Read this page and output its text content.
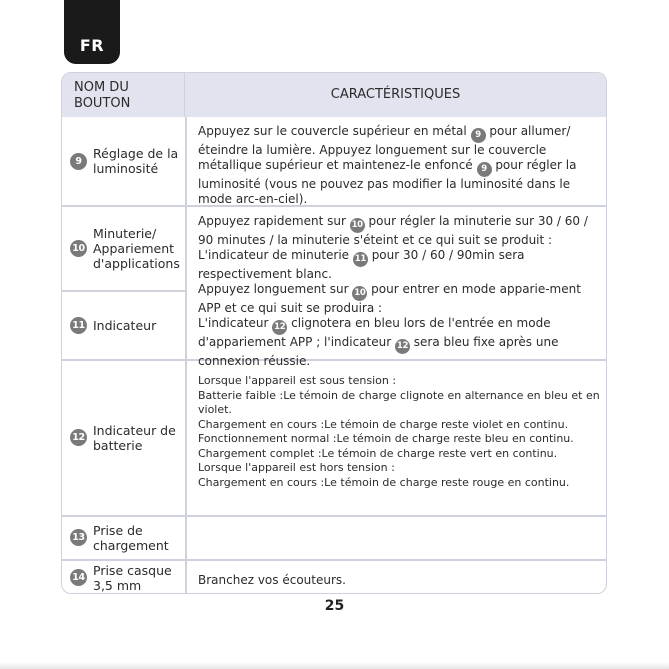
FR
NOM DU BOUTON
CARACTÉRISTIQUES
9 Réglage de la luminosité
Appuyez sur le couvercle supérieur en métal 9 pour allumer/éteindre la lumière. Appuyez longuement sur le couvercle métallique supérieur et maintenez-le enfoncé 9 pour régler la luminosité (vous ne pouvez pas modifier la luminosité dans le mode arc-en-ciel).
10
Minuterie/ Appariement d'applications
11 Indicateur
Appuyez rapidement sur 10 pour régler la minuterie sur 30 / 60 / 90 minutes / la minuterie s'éteint et ce qui suit se produit : L'indicateur de minuterie 11 pour 30 / 60 / 90min sera respectivement blanc.
Appuyez longuement sur 10 pour entrer en mode apparie-ment APP et ce qui suit se produira :
L'indicateur 12 clignotera en bleu lors de l'entrée en mode d'appariement APP ; l'indicateur 12 sera bleu fixe après une connexion réussie.
12 Indicateur de batterie
Lorsque l'appareil est sous tension :
Batterie faible :Le témoin de charge clignote en alternance en bleu et en violet.
Chargement en cours :Le témoin de charge reste violet en continu.
Fonctionnement normal :Le témoin de charge reste bleu en continu.
Chargement complet :Le témoin de charge reste vert en continu.
Lorsque l'appareil est hors tension :
Chargement en cours :Le témoin de charge reste rouge en continu.
13 Prise de chargement
14 Prise casque 3,5 mm	Branchez vos écouteurs.
25
